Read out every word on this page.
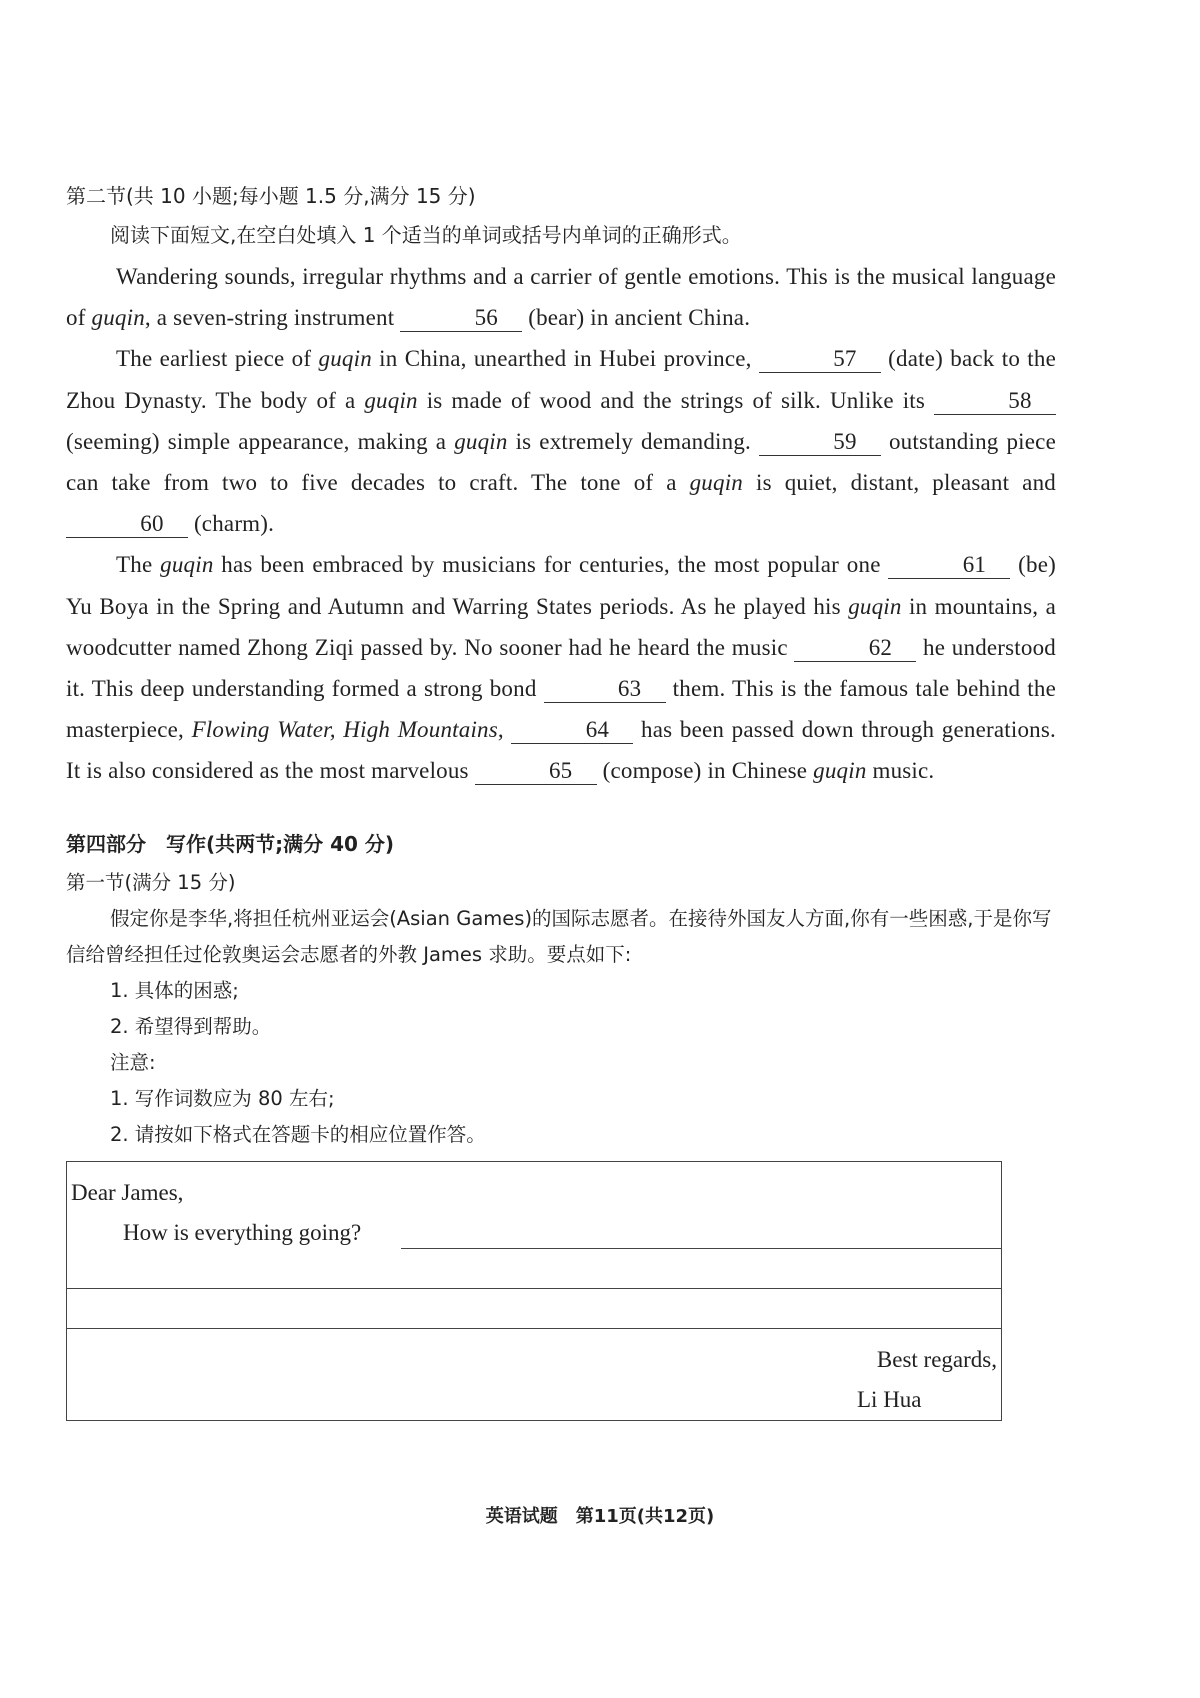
第二节(共 10 小题;每小题 1.5 分,满分 15 分)
阅读下面短文,在空白处填入 1 个适当的单词或括号内单词的正确形式。

Wandering sounds, irregular rhythms and a carrier of gentle emotions. This is the musical language of guqin, a seven-string instrument	56 (bear) in ancient China.

The earliest piece of guqin in China, unearthed in Hubei province,	57 (date) back to the Zhou Dynasty. The body of a guqin is made of wood and the strings of silk. Unlike its	58 (seeming) simple appearance, making a guqin is extremely demanding.	59 outstanding piece can take from two to five decades to craft. The tone of a guqin is quiet, distant, pleasant and 60 (charm).

The guqin has been embraced by musicians for centuries, the most popular one	61 (be) Yu Boya in the Spring and Autumn and Warring States periods. As he played his guqin in mountains, a woodcutter named Zhong Ziqi passed by. No sooner had he heard the music	62 he understood it. This deep understanding formed a strong bond	63 them. This is the famous tale behind the masterpiece, Flowing Water, High Mountains,	64 has been passed down through generations. It is also considered as the most marvelous	65 (compose) in Chinese guqin music.

第四部分　写作(共两节;满分 40 分)
第一节(满分 15 分)

假定你是李华,将担任杭州亚运会(Asian Games)的国际志愿者。在接待外国友人方面,你有一些困惑,于是你写信给曾经担任过伦敦奥运会志愿者的外教 James 求助。要点如下:

1. 具体的困惑;

2. 希望得到帮助。

注意:

1. 写作词数应为 80 左右;

2. 请按如下格式在答题卡的相应位置作答。

Dear James,
How is everything going?
Best regards,
Li Hua
英语试题　第11页(共12页)
